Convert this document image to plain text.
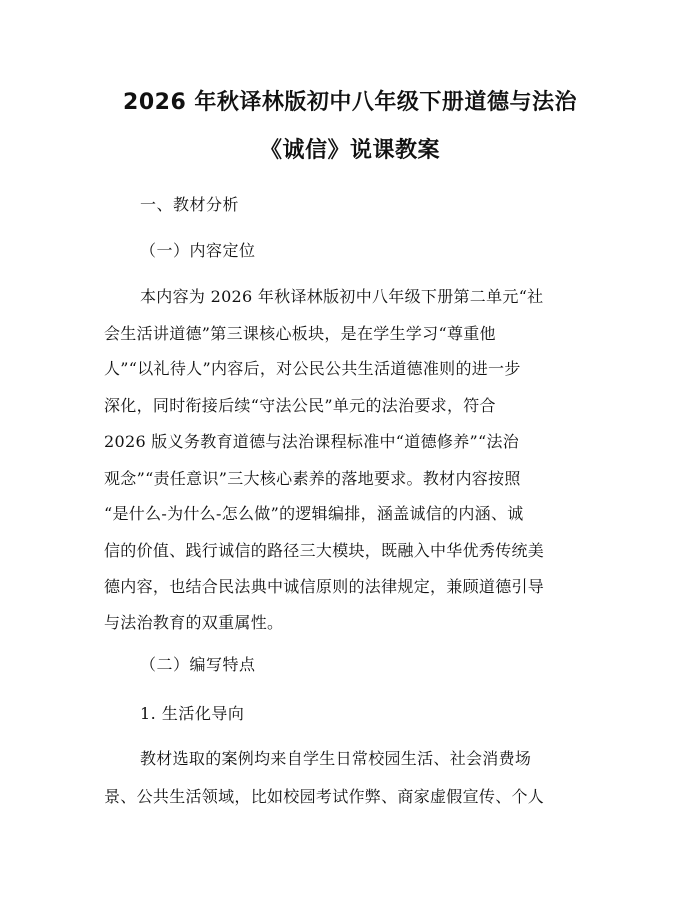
2026 年秋译林版初中八年级下册道德与法治
《诚信》说课教案
一、教材分析
（一）内容定位
本内容为 2026 年秋译林版初中八年级下册第二单元“社
会生活讲道德”第三课核心板块，是在学生学习“尊重他
人”“以礼待人”内容后，对公民公共生活道德准则的进一步
深化，同时衔接后续“守法公民”单元的法治要求，符合
2026 版义务教育道德与法治课程标准中“道德修养”“法治
观念”“责任意识”三大核心素养的落地要求。教材内容按照
“是什么-为什么-怎么做”的逻辑编排，涵盖诚信的内涵、诚
信的价值、践行诚信的路径三大模块，既融入中华优秀传统美
德内容，也结合民法典中诚信原则的法律规定，兼顾道德引导
与法治教育的双重属性。
（二）编写特点
1. 生活化导向
教材选取的案例均来自学生日常校园生活、社会消费场
景、公共生活领域，比如校园考试作弊、商家虚假宣传、个人
